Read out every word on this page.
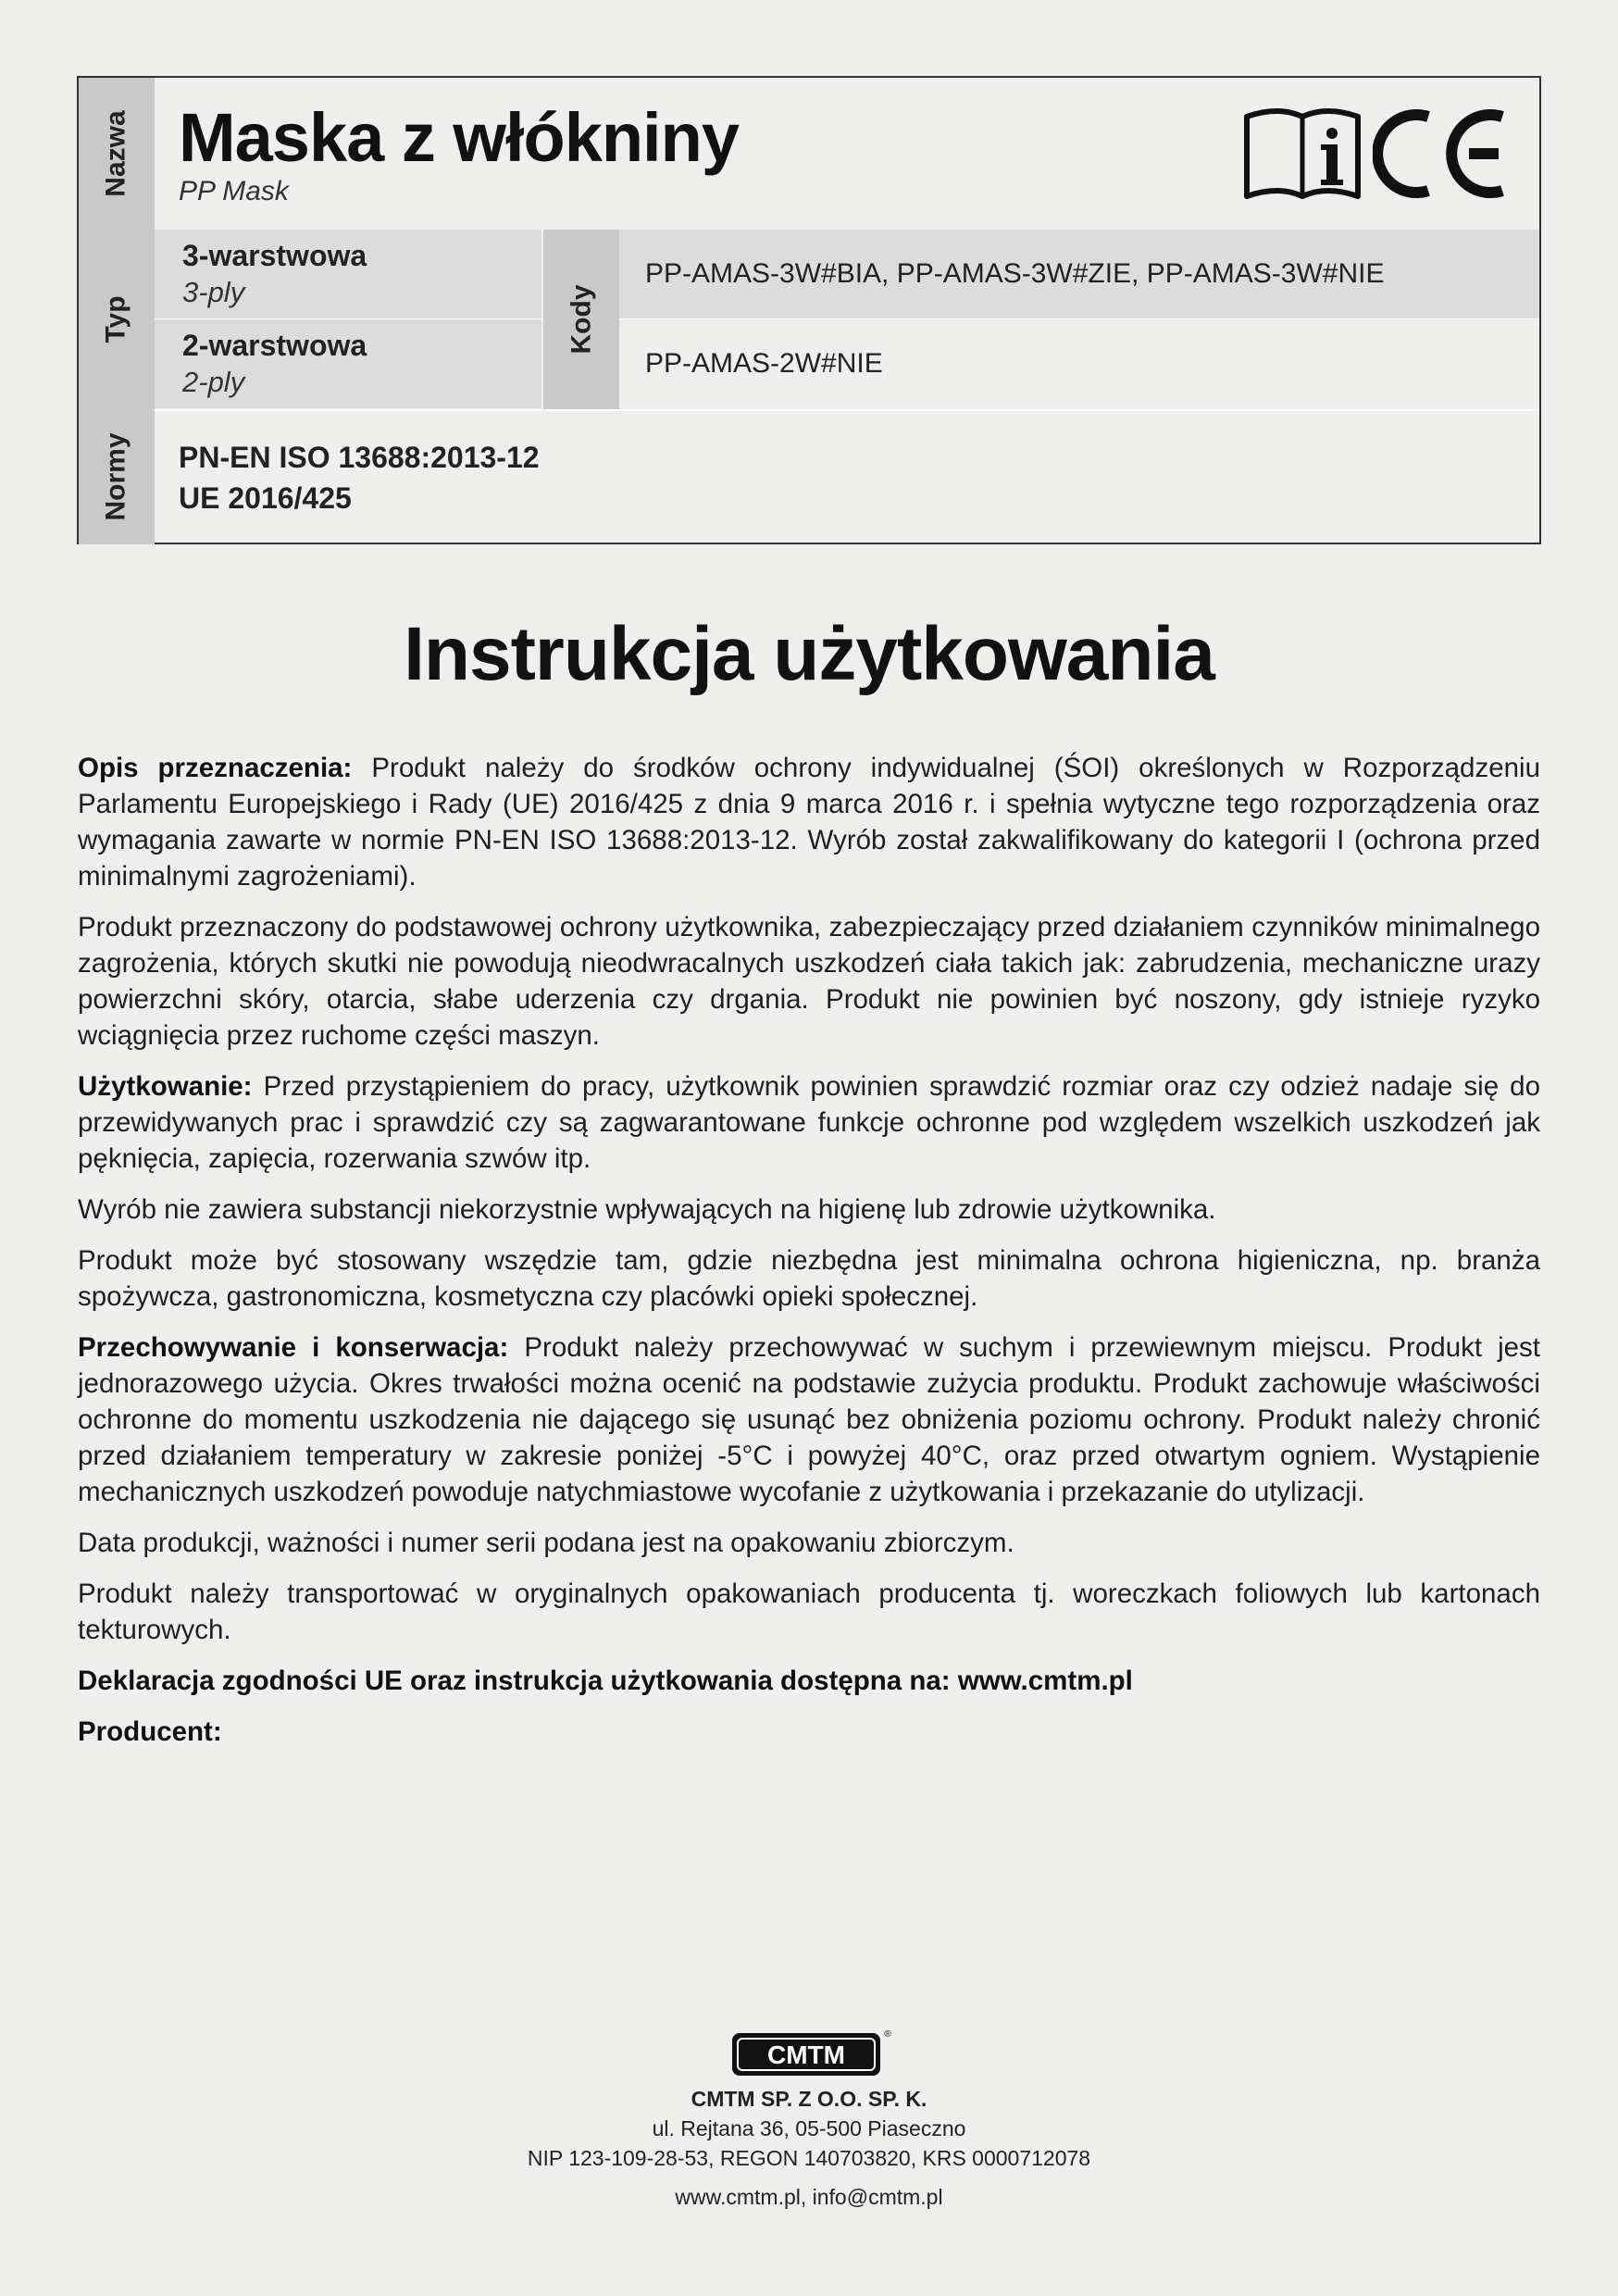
Nazwa Maska z włókniny
PP Mask
Typ
3-warstwowa
3-ply
2-warstwowa
2-ply
Kody
PP-AMAS-3W#BIA, PP-AMAS-3W#ZIE, PP-AMAS-3W#NIE
PP-AMAS-2W#NIE
Normy PN-EN ISO 13688:2013-12
UE 2016/425
Instrukcja użytkowania

Opis przeznaczenia: Produkt należy do środków ochrony indywidualnej (ŚOI) określonych w Rozporządzeniu Parlamentu Europejskiego i Rady (UE) 2016/425 z dnia 9 marca 2016 r. i spełnia wytyczne tego rozporządzenia oraz wymagania zawarte w normie PN-EN ISO 13688:2013-12. Wyrób został zakwalifikowany do kategorii I (ochrona przed minimalnymi zagrożeniami).

Produkt przeznaczony do podstawowej ochrony użytkownika, zabezpieczający przed działaniem czynników minimalnego zagrożenia, których skutki nie powodują nieodwracalnych uszkodzeń ciała takich jak: zabrudzenia, mechaniczne urazy powierzchni skóry, otarcia, słabe uderzenia czy drgania. Produkt nie powinien być noszony, gdy istnieje ryzyko wciągnięcia przez ruchome części maszyn.

Użytkowanie: Przed przystąpieniem do pracy, użytkownik powinien sprawdzić rozmiar oraz czy odzież nadaje się do przewidywanych prac i sprawdzić czy są zagwarantowane funkcje ochronne pod względem wszelkich uszkodzeń jak pęknięcia, zapięcia, rozerwania szwów itp.

Wyrób nie zawiera substancji niekorzystnie wpływających na higienę lub zdrowie użytkownika.

Produkt może być stosowany wszędzie tam, gdzie niezbędna jest minimalna ochrona higieniczna, np. branża spożywcza, gastronomiczna, kosmetyczna czy placówki opieki społecznej.

Przechowywanie i konserwacja: Produkt należy przechowywać w suchym i przewiewnym miejscu. Produkt jest jednorazowego użycia. Okres trwałości można ocenić na podstawie zużycia produktu. Produkt zachowuje właściwości ochronne do momentu uszkodzenia nie dającego się usunąć bez obniżenia poziomu ochrony. Produkt należy chronić przed działaniem temperatury w zakresie poniżej -5°C i powyżej 40°C, oraz przed otwartym ogniem. Wystąpienie mechanicznych uszkodzeń powoduje natychmiastowe wycofanie z użytkowania i przekazanie do utylizacji.

Data produkcji, ważności i numer serii podana jest na opakowaniu zbiorczym.

Produkt należy transportować w oryginalnych opakowaniach producenta tj. woreczkach foliowych lub kartonach tekturowych.

Deklaracja zgodności UE oraz instrukcja użytkowania dostępna na: www.cmtm.pl

Producent:

CMTM
®
CMTM SP. Z O.O. SP. K.
ul. Rejtana 36, 05-500 Piaseczno
NIP 123-109-28-53, REGON 140703820, KRS 0000712078
www.cmtm.pl, info@cmtm.pl
